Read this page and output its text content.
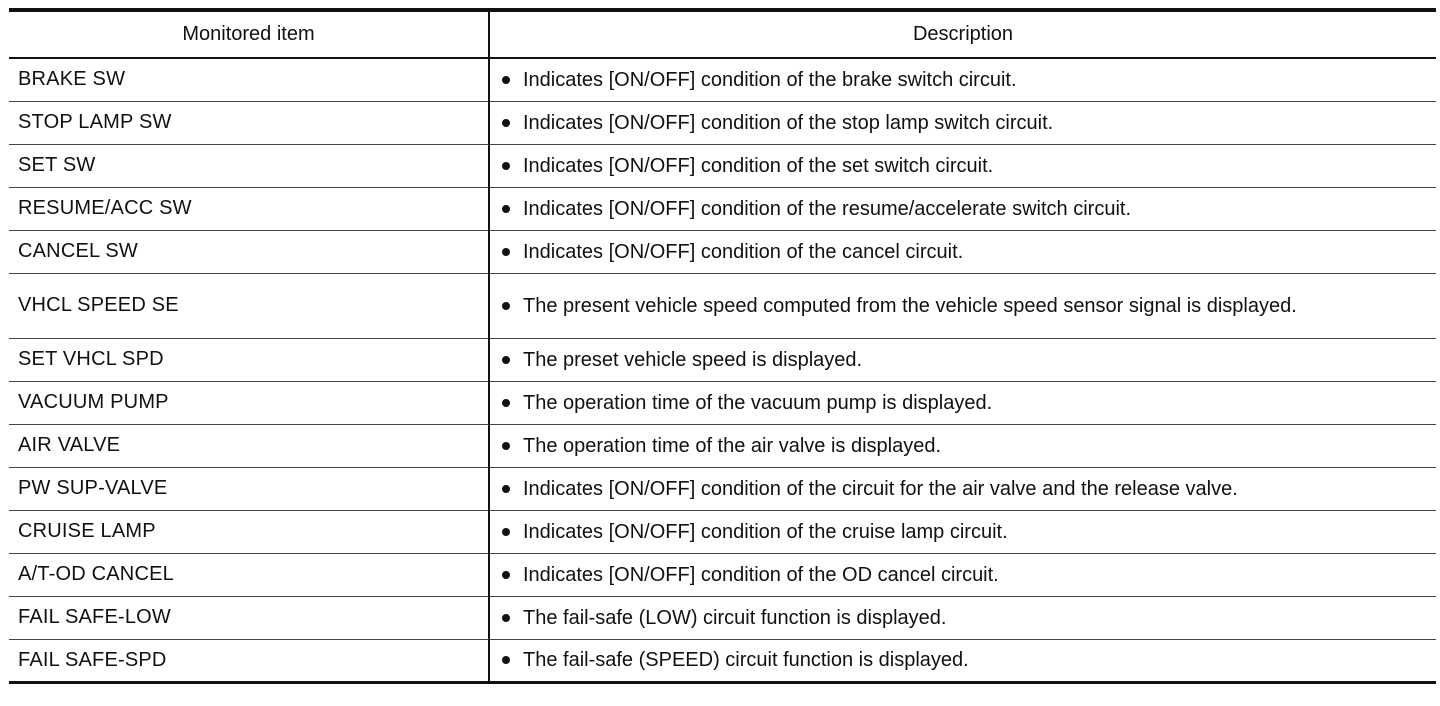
Monitored item	Description
BRAKE SW	Indicates [ON/OFF] condition of the brake switch circuit.

STOP LAMP SW	Indicates [ON/OFF] condition of the stop lamp switch circuit.

SET SW	Indicates [ON/OFF] condition of the set switch circuit.

RESUME/ACC SW	Indicates [ON/OFF] condition of the resume/accelerate switch circuit.

CANCEL SW	Indicates [ON/OFF] condition of the cancel circuit.

VHCL SPEED SE	The present vehicle speed computed from the vehicle speed sensor signal is displayed.

SET VHCL SPD	The preset vehicle speed is displayed.

VACUUM PUMP	The operation time of the vacuum pump is displayed.

AIR VALVE	The operation time of the air valve is displayed.

PW SUP-VALVE	Indicates [ON/OFF] condition of the circuit for the air valve and the release valve.

CRUISE LAMP	Indicates [ON/OFF] condition of the cruise lamp circuit.

A/T-OD CANCEL	Indicates [ON/OFF] condition of the OD cancel circuit.

FAIL SAFE-LOW	The fail-safe (LOW) circuit function is displayed.

FAIL SAFE-SPD	The fail-safe (SPEED) circuit function is displayed.
